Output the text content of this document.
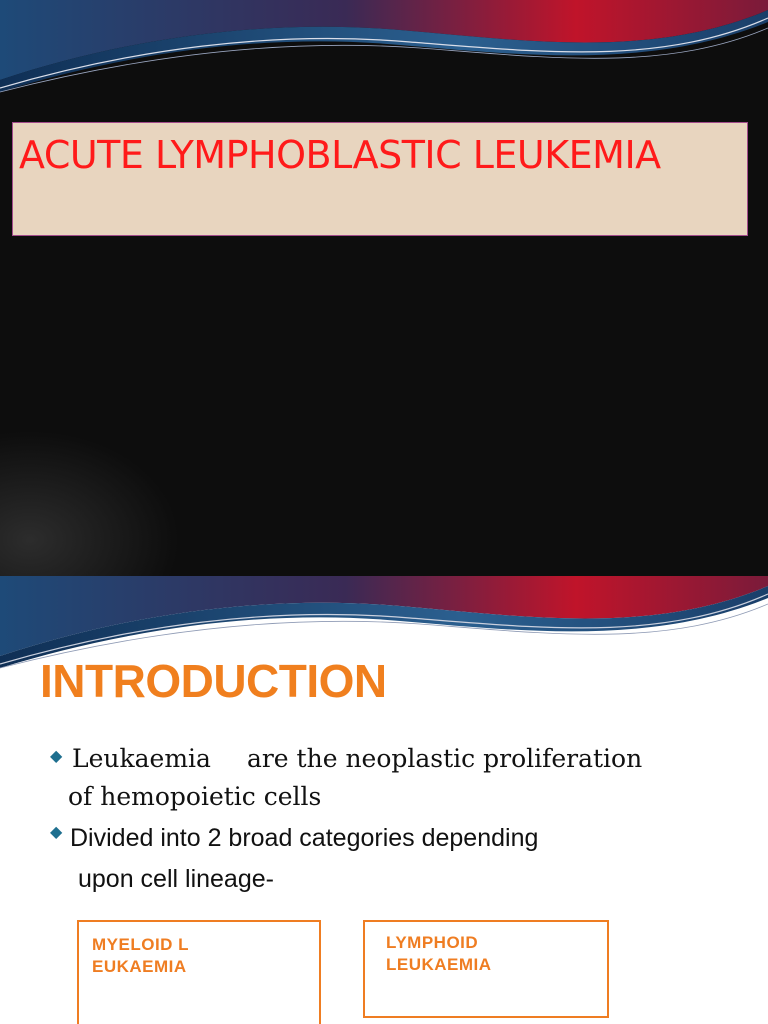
ACUTE LYMPHOBLASTIC LEUKEMIA
INTRODUCTION
◆ Leukaemia are the neoplastic proliferation
of hemopoietic cells
◆ Divided into 2 broad categories depending
upon cell lineage-
MYELOID LEUKAEMIA
LYMPHOID LEUKAEMIA
